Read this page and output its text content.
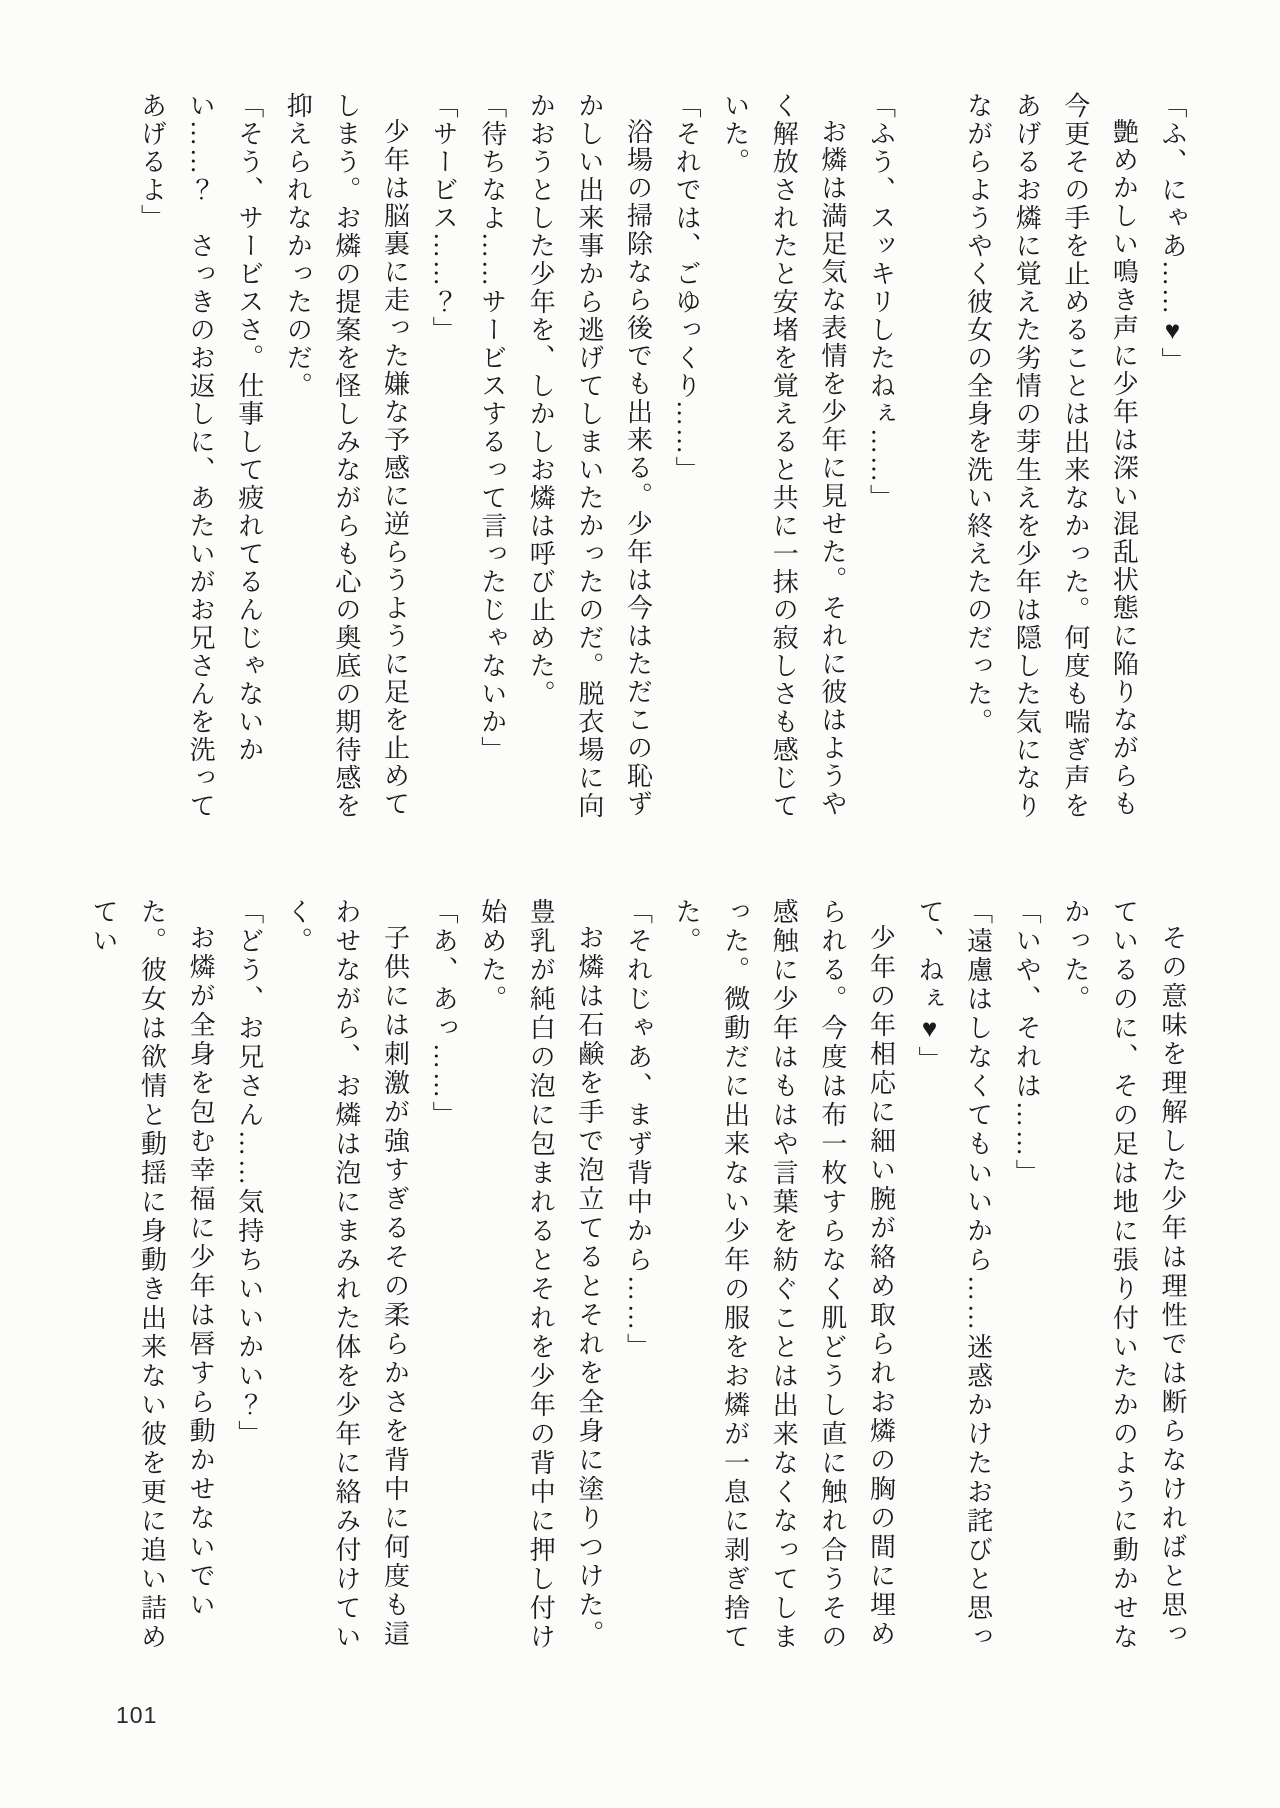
「ふ、にゃあ……♥」

艶めかしい鳴き声に少年は深い混乱状態に陥りながらも今更その手を止めることは出来なかった。何度も喘ぎ声をあげるお燐に覚えた劣情の芽生えを少年は隠した気になりながらようやく彼女の全身を洗い終えたのだった。

「ふう、スッキリしたねぇ……」

お燐は満足気な表情を少年に見せた。それに彼はようやく解放されたと安堵を覚えると共に一抹の寂しさも感じていた。

「それでは、ごゆっくり……」

浴場の掃除なら後でも出来る。少年は今はただこの恥ずかしい出来事から逃げてしまいたかったのだ。脱衣場に向かおうとした少年を、しかしお燐は呼び止めた。

「待ちなよ……サービスするって言ったじゃないか」

「サービス……？」

少年は脳裏に走った嫌な予感に逆らうように足を止めてしまう。お燐の提案を怪しみながらも心の奥底の期待感を抑えられなかったのだ。

「そう、サービスさ。仕事して疲れてるんじゃないかい……？　さっきのお返しに、あたいがお兄さんを洗ってあげるよ」

その意味を理解した少年は理性では断らなければと思っているのに、その足は地に張り付いたかのように動かせなかった。

「いや、それは……」

「遠慮はしなくてもいいから……迷惑かけたお詫びと思って、ねぇ♥」

少年の年相応に細い腕が絡め取られお燐の胸の間に埋められる。今度は布一枚すらなく肌どうし直に触れ合うその感触に少年はもはや言葉を紡ぐことは出来なくなってしまった。微動だに出来ない少年の服をお燐が一息に剥ぎ捨てた。

「それじゃあ、まず背中から……」

お燐は石鹸を手で泡立てるとそれを全身に塗りつけた。豊乳が純白の泡に包まれるとそれを少年の背中に押し付け始めた。

「あ、あっ……」

子供には刺激が強すぎるその柔らかさを背中に何度も這わせながら、お燐は泡にまみれた体を少年に絡み付けていく。

「どう、お兄さん……気持ちいいかい？」

お燐が全身を包む幸福に少年は唇すら動かせないでいた。彼女は欲情と動揺に身動き出来ない彼を更に追い詰めてい

101
